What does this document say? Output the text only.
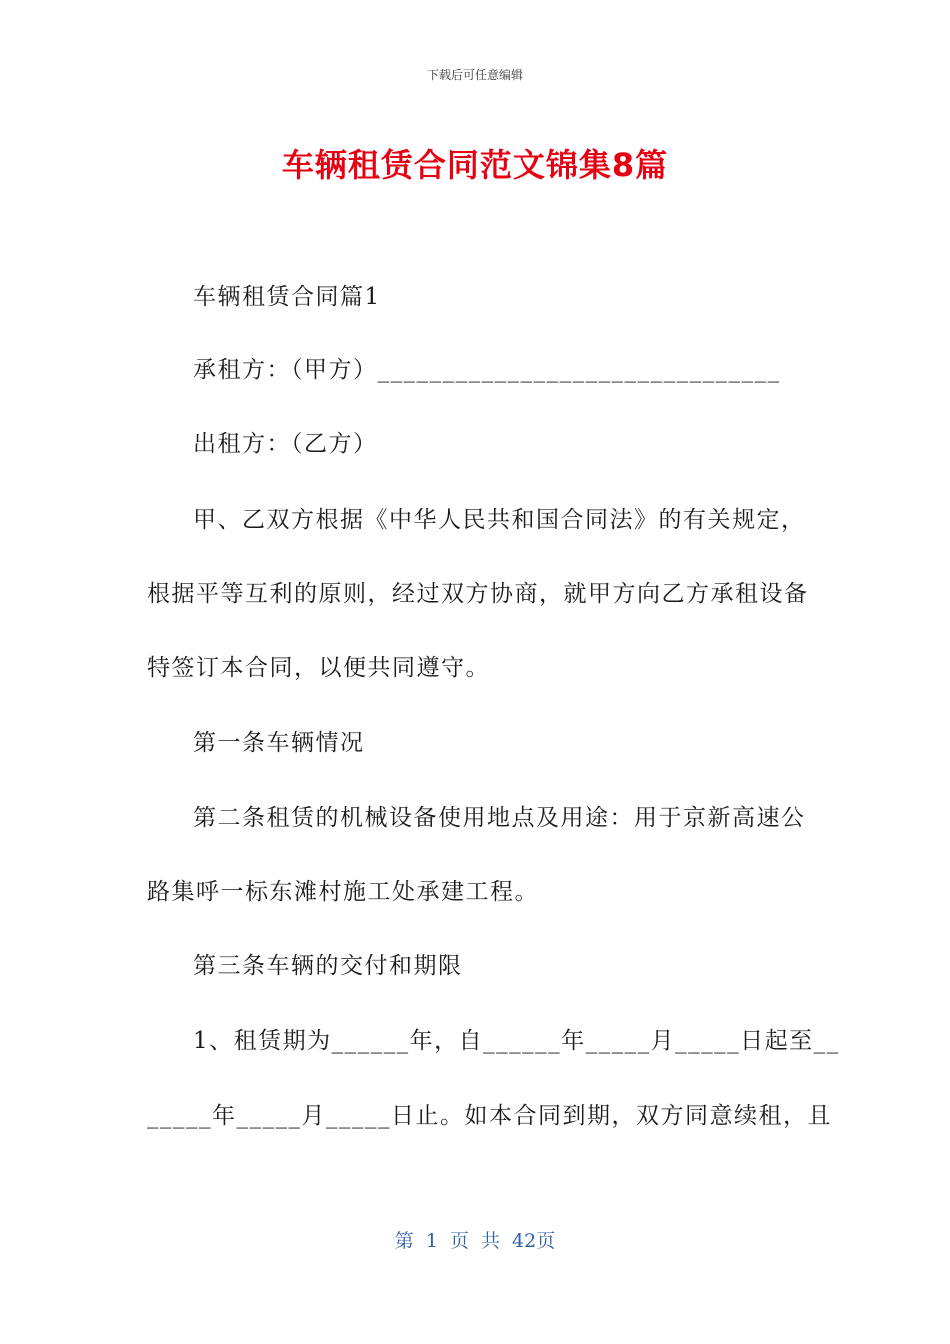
下载后可任意编辑
车辆租赁合同范文锦集8篇
车辆租赁合同篇1
承租方：（甲方）_______________________________
出租方：（乙方）
甲、乙双方根据《中华人民共和国合同法》的有关规定，
根据平等互利的原则，经过双方协商，就甲方向乙方承租设备
特签订本合同，以便共同遵守。
第一条车辆情况
第二条租赁的机械设备使用地点及用途：用于京新高速公
路集呼一标东滩村施工处承建工程。
第三条车辆的交付和期限
1、租赁期为______年，自______年_____月_____日起至__
_____年_____月_____日止。如本合同到期，双方同意续租，且
第 1 页 共 42页
